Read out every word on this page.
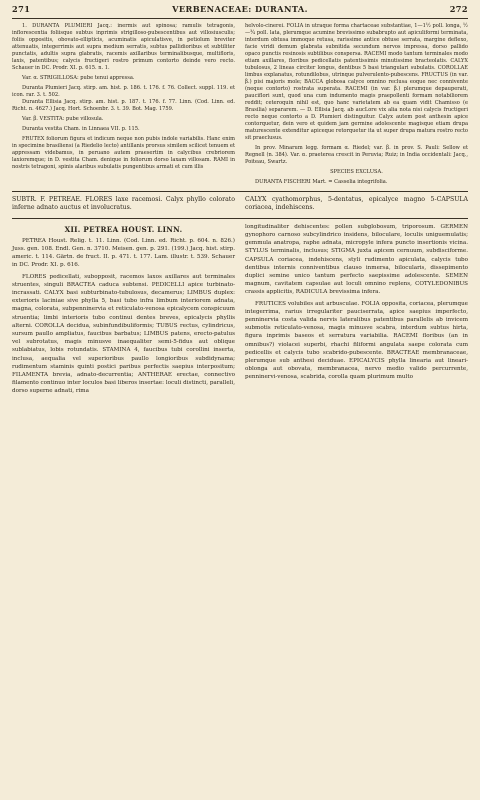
271	VERBENACEAE: DURANTA.	272

1. DURANTA PLUMIERI Jacq.: inermis aut spinosa; ramulis tetragonis, inflorescentia foliisque subtus inprimis strigilloso-pubescentibus aut villosiusculis; foliis oppositis, obovato-ellipticis, acuminatis apiculatisve, in petiolum breviter attenuatis, integerrimis aut supra medium serratis, subtus pallidioribus et subtiliter punctatis, adultis supra glabratis, racemis axillaribus terminalibusque, multifloris, laxis, patentibus; calycis fructigeri rostro primum contorto deinde vero recto. Schauer in DC. Prodr. XI. p. 615. n. 1.

Var. α. STRIGILLOSA: pube tenui appressa.

Duranta Plumieri Jacq. stirp. am. hist. p. 186. t. 176. f. 76. Collect. suppl. 119. et icon. rar. 3. t. 502.

Duranta Ellisia Jacq. stirp. am. hist. p. 187. t. 176. f. 77. Linn. (Cod. Linn. ed. Richt. n. 4627.) Jacq. Hort. Schoenbr. 3. t. 39. Bot. Mag. 1759.

Var. β. VESTITA: pube villosula.

Duranta vestita Cham. in Linnaea VII. p. 115.

FRUTEX foliorum figura et indicum neque non pubis indole variabilis. Hanc enim in specimine brasiliensi (a Riedelio lecto) antillanis prorsus similem scilicet tenuem et appressam videbamus, in peruano autem praesertim in calycibus crebriorem laxioremque; in D. vestita Cham. denique in foliorum dorso laxam villosam. RAMI in nostris tetragoni, spinis alaribus subulatis pungentibus armati et cum illis

helvolo-cinerei. FOLIA in utraque forma chartaceae substantiae, 1—1½ poll. longa, ½—¾ poll. lata, plerumque acumine brevissimo subabrupto aut apiculiformi terminata, interdum obtusa immoque retusa, rarissime antice obtuse serrata, margine deflexo, facie viridi demum glabrata subnitida secundum nervos impressa, dorso pallido opaco punctis resinosis subtilibus conspersa. RACEMI modo tantum terminales modo etiam axillares, floribus pedicellatis patentissimis minutissime bracteolatis. CALYX tubulosus, 2 lineas circiter longus, dentibus 5 basi triangulari subulatis. COROLLAE limbus explanatus, rotundilobus, utrinque pulverulento-pubescens. FRUCTUS (in var. β.) pisi majoris mole; BACCA globosa calyce omnino reclusa eoque nec connivente (neque contorto) rostrata superata. RACEMI (in var. β.) plerumque depauperati, pauciflori sunt, quod una cum indumento magis praepollenti formam notabiliorem reddit; ceteroquin nihil est, quo hanc varietatem ab ea quam vidit Chamisso (e Brasilia) separarem. — D. Ellisia Jacq. ab aucLore vix alia nota nisi calycis fructigeri recto neque contorto a D. Plumieri distinguitur. Calyx autem post anthesin apice contorquetur, dein vero et quidem jam germine adolescente magisque etiam drupa maturescente extenditur apiceque retorquetur ita ut super drupa matura rostro recto sit praeclusus.

In prov. Minarum legg. formam α. Riedel; var. β. in prov. S. Pauli: Sellow et Regnell (n. 384). Var. α. praeterea crescit in Peruvia; Ruiz; in India occidentali: Jacq., Poiteau, Swartz.

SPECIES EXCLUSA.

DURANTA FISCHERI Mart. = Casselia integrifolia.

SUBTR. F. PETREAE. FLORES laxe racemosi. Calyx phyllo colorato inferne adnato auctus et involucratus.

CALYX cyathomorphus, 5-dentatus, epicalyce magno 5-CAPSULA coriacea, indehiscens.

XII. PETREA HOUST. LINN.

PETREA Houst. Relig. t. 11. Linn. (Cod. Linn. ed. Richt. p. 604. n. 826.) Juss. gen. 108. Endl. Gen. n. 3710. Meisen. gen. p. 291. (199.) Jacq. hist. stirp. americ. t. 114. Gärtn. de fruct. II. p. 471. t. 177. Lam. illustr. t. 539. Schauer in DC. Prodr. XI. p. 616.

FLORES pedicellati, subopposit, racemos laxos axillares aut terminales struentes, singuli BRACTEA caduca subtensi. PEDICELLI apice turbinato-incrassati. CALYX basi subturbinato-tubulosus, decamerus; LIMBUS duplex: exterioris laciniae sive phylla 5, basi tubo infra limbum interiorem adnata, magna, colorata, subpenninervia et reticulato-venosa epicalycem conspicuum struentia; limbi interioris tubo continui dentes breves, epicalycis phyllis alterni. COROLLA decidua, subinfundibuliformis; TUBUS rectus, cylindricus, sursum paullo ampliatus, faucibus barbatus; LIMBUS patens, erecto-patulus vel subrotatus, magis minusve inaequaliter semi-5-fidus aut oblique sublabiatus, lobis rotundatis. STAMINA 4, faucibus tubi corollini inserta, inclusa, aequalia vel superioribus paullo longioribus subdidynama; rudimentum staminis quinti postici paribus perfectis saepius interpositum; FILAMENTA brevia, adnato-decurrentia; ANTHERAE erectae, connectivo filamento continuo inter loculos basi liberos insertae: loculi distincti, paralleli, dorso superne adnati, rima

longitudinaliter dehiscentes: pollen subglobosum, triporosum. GERMEN gynophoro carnoso subcylindrico insidens, biloculare, loculis uniguemulatis; gemmula anatropa, raphe adnata, micropyle infera puncto insertionis vicina. STYLUS terminalis, inclusus; STIGMA juxta apicem cernuum, subdisciforme. CAPSULA coriacea, indehiscens, styli rudimento apiculata, calycis tubo dentibus internis conniventibus clauso inmersa, bilocularis, dissepimento duplici semine unico tantum perfecto saepissime adolescente. SEMEN magnum, cavitatem capsulae aut loculi omnino replens, COTYLEDONIBUS crassis applicitis, RADICULA brevissima infera.

FRUTICES volubiles aut arbusculae. FOLIA opposita, coriacea, plerumque integerrima, rarius irregulariter pauciserrata, apice saepius imperfecto, penninervia costa valida nervis lateralibus patentibus parallelis ab invicem submotis reticulato-venosa, magis minusve scabra, interdum subtus hirta, figura inprimis baseos et serratura variabilia. RACEMI floribus (an in omnibus?) violacei superbi, rhachi filiformi angulata saepe colorata cum pedicellis et calycis tubo scabrido-pubescente. BRACTEAE membranaceae, plerumque sub anthesi deciduae. EPICALYCIS phylla linearia aut lineari-oblonga aut obovata, membranacea, nervo medio valido percurrente, penninervi-venosa, scabrida, corolla quam plurimum multo
